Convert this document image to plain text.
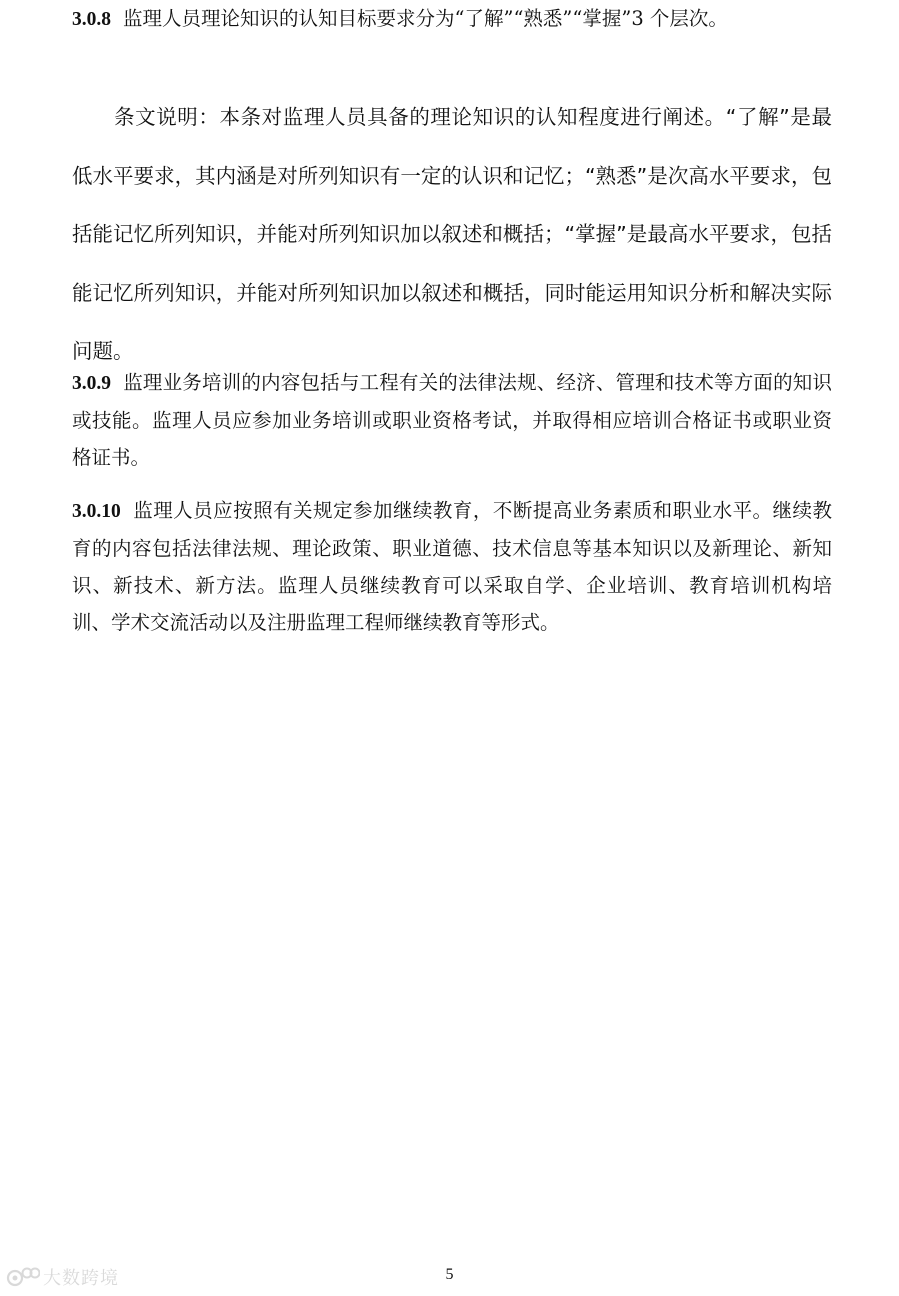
3.0.8 监理人员理论知识的认知目标要求分为“了解”“熟悉”“掌握”3 个层次。

条文说明：本条对监理人员具备的理论知识的认知程度进行阐述。“了解”是最低水平要求，其内涵是对所列知识有一定的认识和记忆；“熟悉”是次高水平要求，包括能记忆所列知识，并能对所列知识加以叙述和概括；“掌握”是最高水平要求，包括能记忆所列知识，并能对所列知识加以叙述和概括，同时能运用知识分析和解决实际问题。

3.0.9 监理业务培训的内容包括与工程有关的法律法规、经济、管理和技术等方面的知识或技能。监理人员应参加业务培训或职业资格考试，并取得相应培训合格证书或职业资格证书。

3.0.10 监理人员应按照有关规定参加继续教育，不断提高业务素质和职业水平。继续教育的内容包括法律法规、理论政策、职业道德、技术信息等基本知识以及新理论、新知识、新技术、新方法。监理人员继续教育可以采取自学、企业培训、教育培训机构培训、学术交流活动以及注册监理工程师继续教育等形式。

5
大数跨境
